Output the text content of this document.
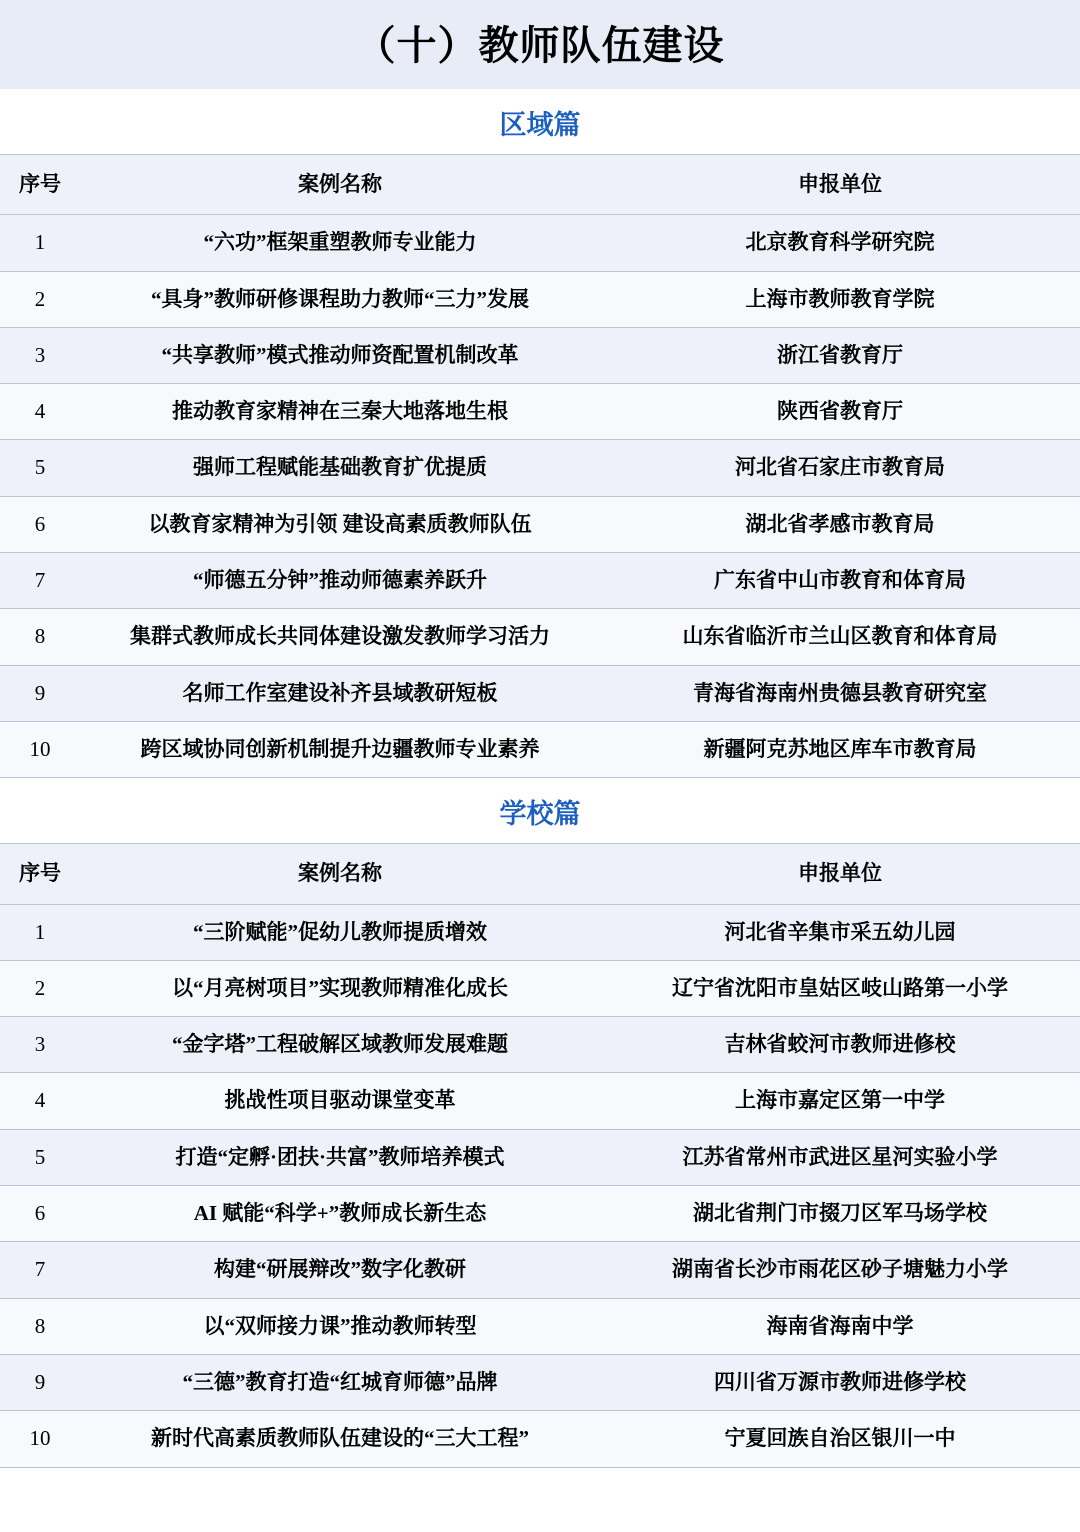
（十）教师队伍建设
区域篇
序号	案例名称	申报单位
1	“六功”框架重塑教师专业能力	北京教育科学研究院
2	“具身”教师研修课程助力教师“三力”发展	上海市教师教育学院
3	“共享教师”模式推动师资配置机制改革	浙江省教育厅
4	推动教育家精神在三秦大地落地生根	陕西省教育厅
5	强师工程赋能基础教育扩优提质	河北省石家庄市教育局
6	以教育家精神为引领 建设高素质教师队伍	湖北省孝感市教育局
7	“师德五分钟”推动师德素养跃升	广东省中山市教育和体育局
8	集群式教师成长共同体建设激发教师学习活力	山东省临沂市兰山区教育和体育局
9	名师工作室建设补齐县域教研短板	青海省海南州贵德县教育研究室
10	跨区域协同创新机制提升边疆教师专业素养	新疆阿克苏地区库车市教育局
学校篇
序号	案例名称	申报单位
1	“三阶赋能”促幼儿教师提质增效	河北省辛集市采五幼儿园
2	以“月亮树项目”实现教师精准化成长	辽宁省沈阳市皇姑区岐山路第一小学
3	“金字塔”工程破解区域教师发展难题	吉林省蛟河市教师进修校
4	挑战性项目驱动课堂变革	上海市嘉定区第一中学
5	打造“定孵·团扶·共富”教师培养模式	江苏省常州市武进区星河实验小学
6	AI 赋能“科学+”教师成长新生态	湖北省荆门市掇刀区军马场学校
7	构建“研展辩改”数字化教研	湖南省长沙市雨花区砂子塘魅力小学
8	以“双师接力课”推动教师转型	海南省海南中学
9	“三德”教育打造“红城育师德”品牌	四川省万源市教师进修学校
10	新时代高素质教师队伍建设的“三大工程”	宁夏回族自治区银川一中
